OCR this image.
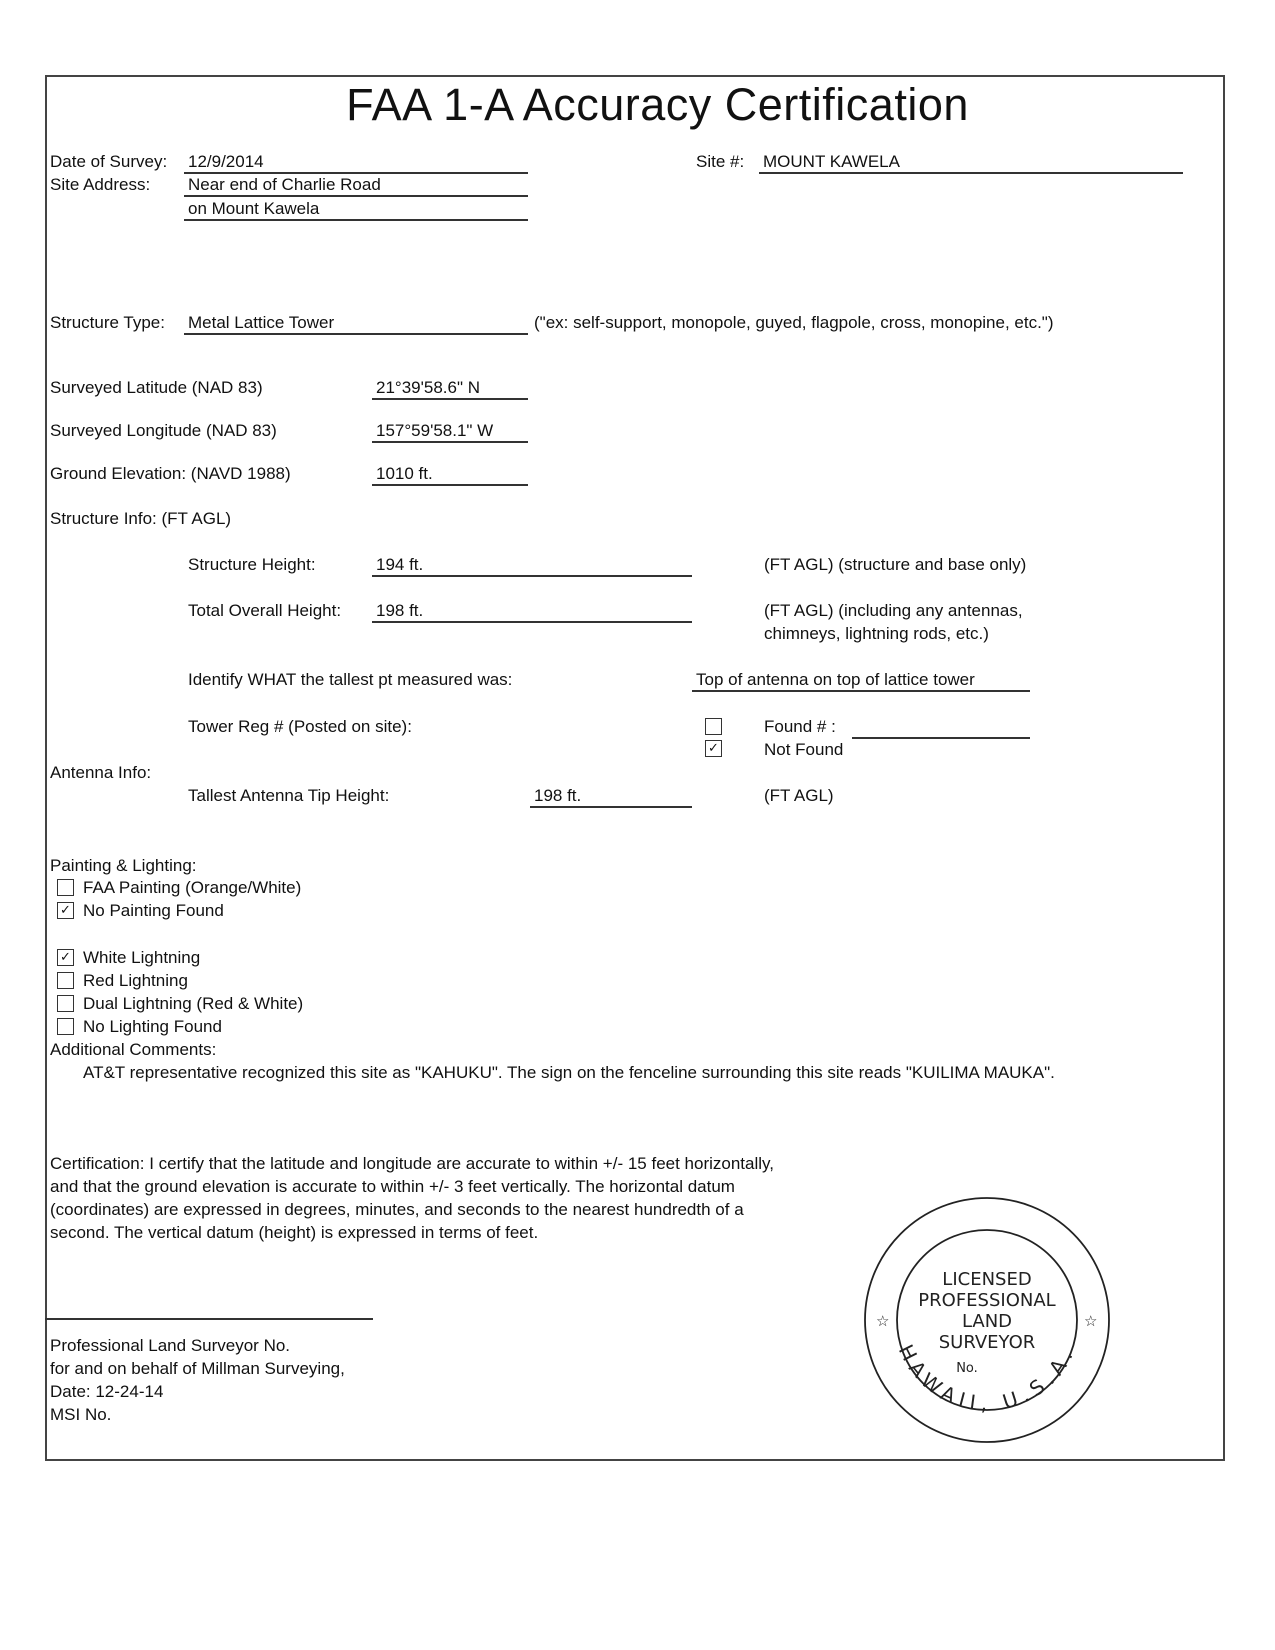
FAA 1-A Accuracy Certification
Date of Survey: 12/9/2014	Site #: MOUNT KAWELA
Site Address: Near end of Charlie Road
on Mount Kawela
Structure Type: Metal Lattice Tower	("ex: self-support, monopole, guyed, flagpole, cross, monopine, etc.")
Surveyed Latitude (NAD 83)	21°39'58.6" N
Surveyed Longitude (NAD 83)	157°59'58.1" W
Ground Elevation: (NAVD 1988)	1010 ft.
Structure Info: (FT AGL)
Structure Height:	194 ft.	(FT AGL) (structure and base only)
Total Overall Height: 198 ft.	(FT AGL) (including any antennas,
chimneys, lightning rods, etc.)
Identify WHAT the tallest pt measured was:	Top of antenna on top of lattice tower
Tower Reg # (Posted on site):	Found # :
✓	Not Found
Antenna Info:
Tallest Antenna Tip Height:	198 ft.	(FT AGL)
Painting & Lighting:
FAA Painting (Orange/White)
✓ No Painting Found
✓ White Lightning
Red Lightning
Dual Lightning (Red & White)
No Lighting Found
Additional Comments:
AT&T representative recognized this site as "KAHUKU". The sign on the fenceline surrounding this site reads "KUILIMA MAUKA".
Certification: I certify that the latitude and longitude are accurate to within +/- 15 feet horizontally,
and that the ground elevation is accurate to within +/- 3 feet vertically. The horizontal datum
(coordinates) are expressed in degrees, minutes, and seconds to the nearest hundredth of a
second. The vertical datum (height) is expressed in terms of feet.
Professional Land Surveyor No.
for and on behalf of Millman Surveying,
Date: 12-24-14
MSI No.
☆	☆
LICENSED
PROFESSIONAL
LAND
SURVEYOR
No.
HAWAII, U.S.A.
